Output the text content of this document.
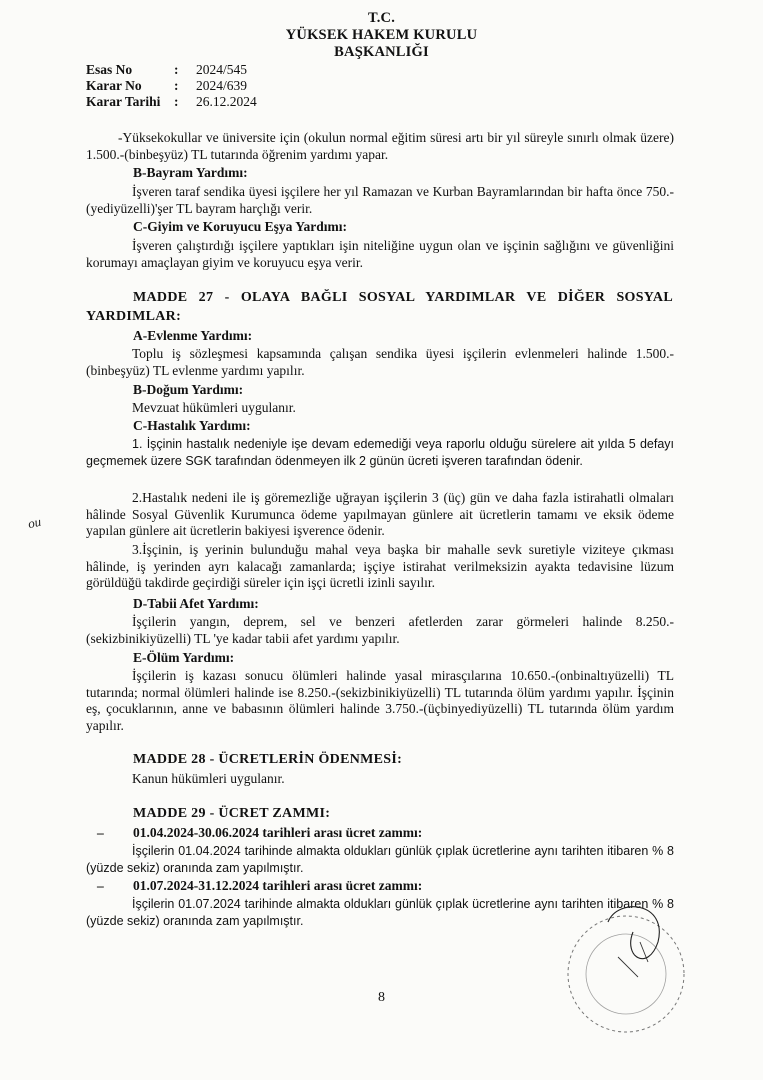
T.C.
YÜKSEK HAKEM KURULU
BAŞKANLIĞI
Esas No	:	2024/545
Karar No	:	2024/639
Karar Tarihi	:	26.12.2024
-Yüksekokullar ve üniversite için (okulun normal eğitim süresi artı bir yıl süreyle sınırlı olmak üzere) 1.500.-(binbeşyüz) TL tutarında öğrenim yardımı yapar.
B-Bayram Yardımı:
İşveren taraf sendika üyesi işçilere her yıl Ramazan ve Kurban Bayramlarından bir hafta önce 750.-(yediyüzelli)'şer TL bayram harçlığı verir.
C-Giyim ve Koruyucu Eşya Yardımı:
İşveren çalıştırdığı işçilere yaptıkları işin niteliğine uygun olan ve işçinin sağlığını ve güvenliğini korumayı amaçlayan giyim ve koruyucu eşya verir.
MADDE 27 - OLAYA BAĞLI SOSYAL YARDIMLAR VE DİĞER SOSYAL
YARDIMLAR:
A-Evlenme Yardımı:
Toplu iş sözleşmesi kapsamında çalışan sendika üyesi işçilerin evlenmeleri halinde 1.500.-(binbeşyüz) TL evlenme yardımı yapılır.
B-Doğum Yardımı:
Mevzuat hükümleri uygulanır.
C-Hastalık Yardımı:
1. İşçinin hastalık nedeniyle işe devam edemediği veya raporlu olduğu sürelere ait yılda 5 defayı geçmemek üzere SGK tarafından ödenmeyen ilk 2 günün ücreti işveren tarafından ödenir.
2.Hastalık nedeni ile iş göremezliğe uğrayan işçilerin 3 (üç) gün ve daha fazla istirahatli olmaları hâlinde Sosyal Güvenlik Kurumunca ödeme yapılmayan günlere ait ücretlerin tamamı ve eksik ödeme yapılan günlere ait ücretlerin bakiyesi işverence ödenir.
3.İşçinin, iş yerinin bulunduğu mahal veya başka bir mahalle sevk suretiyle viziteye çıkması hâlinde, iş yerinden ayrı kalacağı zamanlarda; işçiye istirahat verilmeksizin ayakta tedavisine lüzum görüldüğü takdirde geçirdiği süreler için işçi ücretli izinli sayılır.
D-Tabii Afet Yardımı:
İşçilerin yangın, deprem, sel ve benzeri afetlerden zarar görmeleri halinde 8.250.-(sekizbinikiyüzelli) TL 'ye kadar tabii afet yardımı yapılır.
E-Ölüm Yardımı:
İşçilerin iş kazası sonucu ölümleri halinde yasal mirasçılarına 10.650.-(onbinaltıyüzelli) TL tutarında; normal ölümleri halinde ise 8.250.-(sekizbinikiyüzelli) TL tutarında ölüm yardımı yapılır. İşçinin eş, çocuklarının, anne ve babasının ölümleri halinde 3.750.-(üçbinyediyüzelli) TL tutarında ölüm yardım yapılır.
MADDE 28 - ÜCRETLERİN ÖDENMESİ:
Kanun hükümleri uygulanır.
MADDE 29 - ÜCRET ZAMMI:
– 01.04.2024-30.06.2024 tarihleri arası ücret zammı:
İşçilerin 01.04.2024 tarihinde almakta oldukları günlük çıplak ücretlerine aynı tarihten itibaren % 8 (yüzde sekiz) oranında zam yapılmıştır.
– 01.07.2024-31.12.2024 tarihleri arası ücret zammı:
İşçilerin 01.07.2024 tarihinde almakta oldukları günlük çıplak ücretlerine aynı tarihten itibaren % 8 (yüzde sekiz) oranında zam yapılmıştır.
8
ou
